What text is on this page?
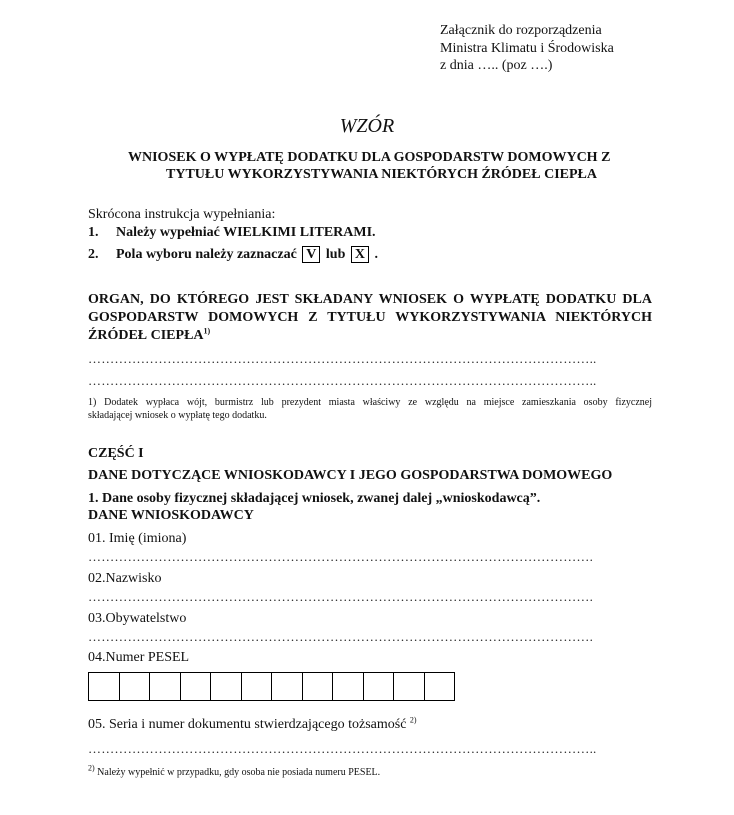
Załącznik do rozporządzenia
Ministra Klimatu i Środowiska
z dnia ….. (poz ….)
WZÓR
WNIOSEK O WYPŁATĘ DODATKU DLA GOSPODARSTW DOMOWYCH Z
TYTUŁU WYKORZYSTYWANIA NIEKTÓRYCH ŹRÓDEŁ CIEPŁA
Skrócona instrukcja wypełniania:
1. Należy wypełniać WIELKIMI LITERAMI.
2. Pola wyboru należy zaznaczać V lub X .
ORGAN, DO KTÓREGO JEST SKŁADANY WNIOSEK O WYPŁATĘ DODATKU DLA
GOSPODARSTW DOMOWYCH Z TYTUŁU WYKORZYSTYWANIA NIEKTÓRYCH
ŹRÓDEŁ CIEPŁA$^{1)}$
……………………………………………………………………………………………………..
……………………………………………………………………………………………………..
1) Dodatek wypłaca wójt, burmistrz lub prezydent miasta właściwy ze względu na miejsce zamieszkania osoby fizycznej
składającej wniosek o wypłatę tego dodatku.
CZĘŚĆ I
DANE DOTYCZĄCE WNIOSKODAWCY I JEGO GOSPODARSTWA DOMOWEGO
1. Dane osoby fizycznej składającej wniosek, zwanej dalej „wnioskodawcą”.
DANE WNIOSKODAWCY
01. Imię (imiona)
…………………………………………………………………………………………………….
02.Nazwisko
…………………………………………………………………………………………………….
03.Obywatelstwo
…………………………………………………………………………………………………….
04.Numer PESEL
05. Seria i numer dokumentu stwierdzającego tożsamość $^{2)}$
……………………………………………………………………………………………………..
$^{2)}$ Należy wypełnić w przypadku, gdy osoba nie posiada numeru PESEL.
